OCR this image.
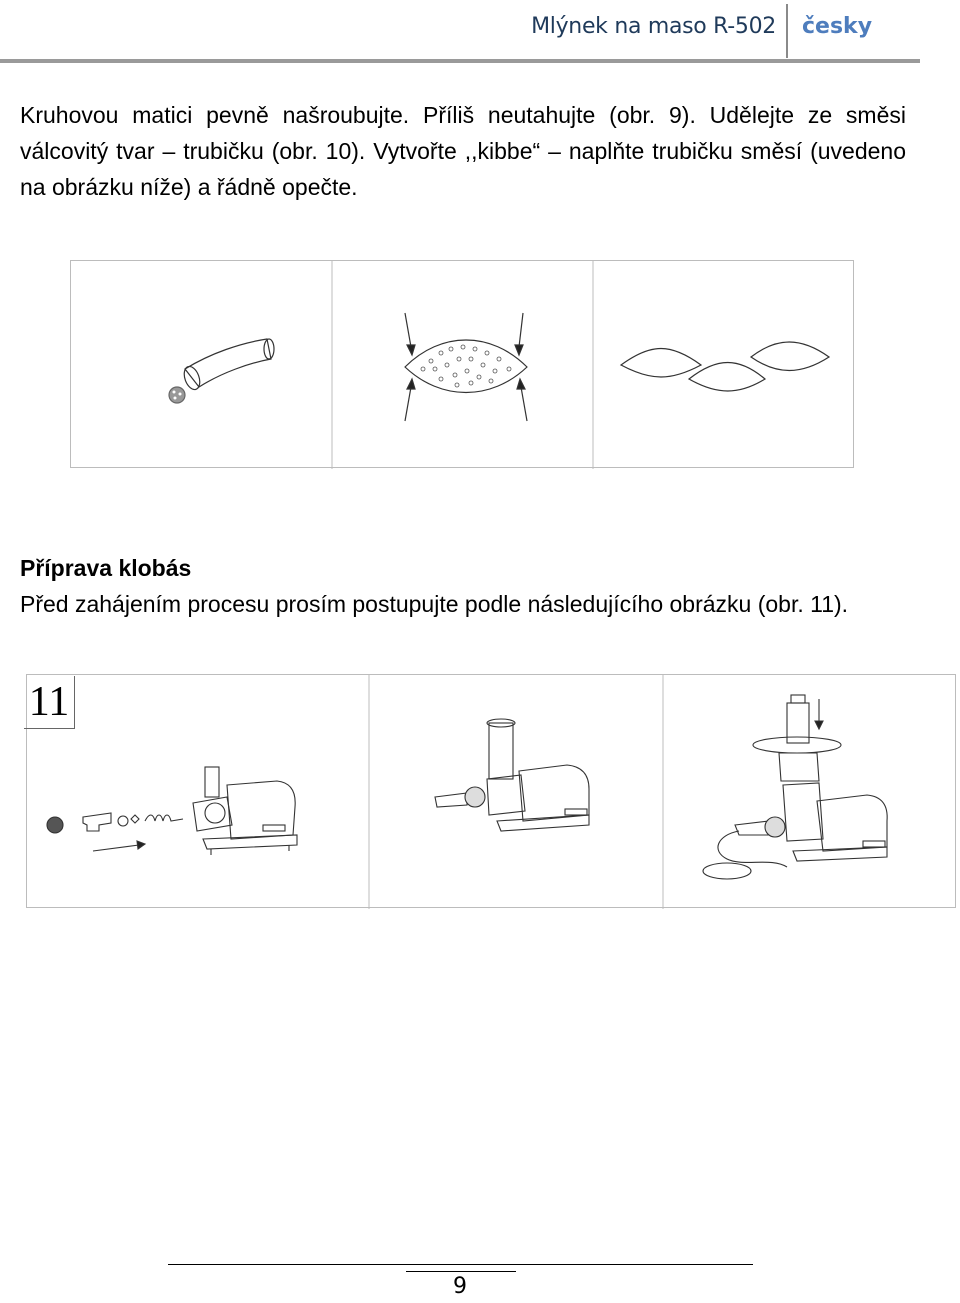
Mlýnek na maso R-502 česky
Kruhovou matici pevně našroubujte. Příliš neutahujte (obr. 9). Udělejte ze směsi válcovitý tvar – trubičku (obr. 10). Vytvořte ,,kibbe“ – naplňte trubičku směsí (uvedeno na obrázku níže) a řádně opečte.
Příprava klobás
Před zahájením procesu prosím postupujte podle následujícího obrázku (obr. 11).
11
9
